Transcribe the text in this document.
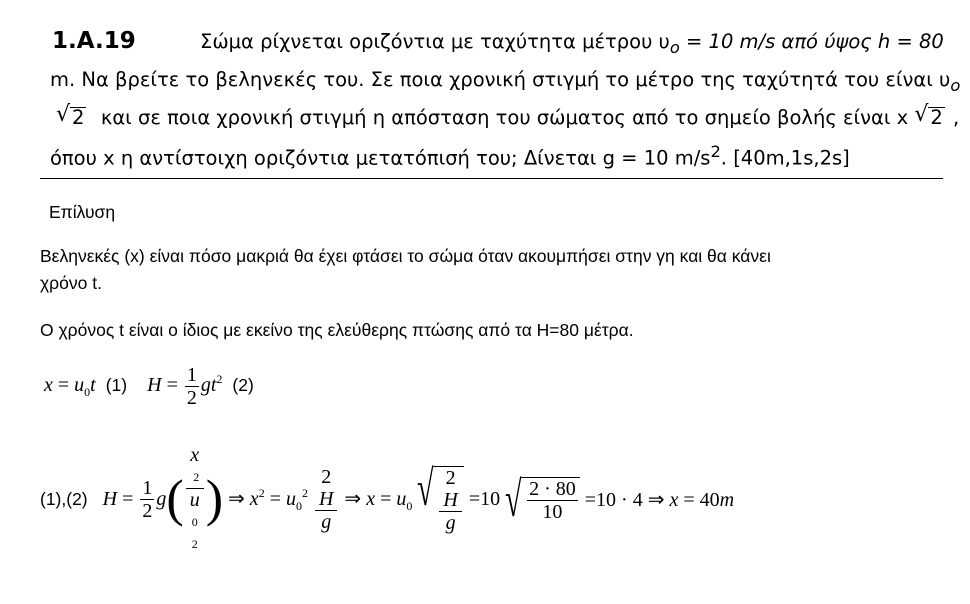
1.A.19	Σώμα ρίχνεται οριζόντια με ταχύτητα μέτρου $\upsilon_o = 10$ m/s από ύψος h = 80
m. Να βρείτε το βεληνεκές του. Σε ποια χρονική στιγμή το μέτρο της ταχύτητά του είναι $\upsilon_o$
√ 2 και σε ποια χρονική στιγμή η απόσταση του σώματος από το σημείο βολής είναι x √ 2 ,
όπου x η αντίστοιχη οριζόντια μετατόπισή του; Δίνεται g = 10 $m/s^2$. [40m,1s,2s]
Επίλυση
Βεληνεκές (x) είναι πόσο μακριά θα έχει φτάσει το σώμα όταν ακουμπήσει στην γη και θα κάνει
χρόνο t.
Ο χρόνος t είναι ο ίδιος με εκείνο της ελεύθερης πτώσης από τα Η=80 μέτρα.
$x = u_0t$ (1) $H = \frac{1}{2} gt^2$ (2)
(1),(2) $H = \frac{1}{2} g$( x
2
u
0
2 ) ⇒ $x^2 = u_0^2$ 2
H
g ⇒ $x = u_0$ √ 2
H
g =10 √ $\frac{2 \cdot 80}{10} =10 \cdot 4$ ⇒ x = 40m
